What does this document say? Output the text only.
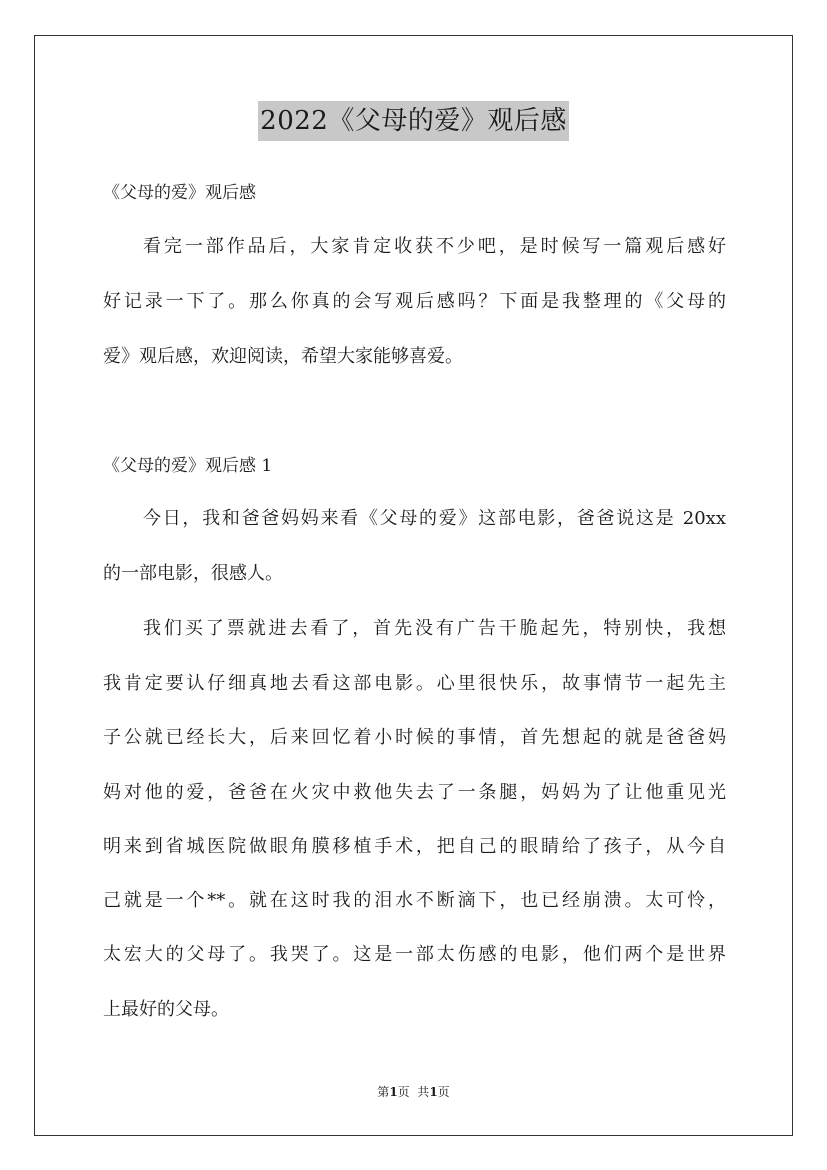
2022《父母的爱》观后感
《父母的爱》观后感
看完一部作品后，大家肯定收获不少吧，是时候写一篇观后感好
好记录一下了。那么你真的会写观后感吗？下面是我整理的《父母的
爱》观后感，欢迎阅读，希望大家能够喜爱。
《父母的爱》观后感 1
今日，我和爸爸妈妈来看《父母的爱》这部电影，爸爸说这是 20xx
的一部电影，很感人。
我们买了票就进去看了，首先没有广告干脆起先，特别快，我想
我肯定要认仔细真地去看这部电影。心里很快乐，故事情节一起先主
子公就已经长大，后来回忆着小时候的事情，首先想起的就是爸爸妈
妈对他的爱，爸爸在火灾中救他失去了一条腿，妈妈为了让他重见光
明来到省城医院做眼角膜移植手术，把自己的眼睛给了孩子，从今自
己就是一个**。就在这时我的泪水不断滴下，也已经崩溃。太可怜，
太宏大的父母了。我哭了。这是一部太伤感的电影，他们两个是世界
上最好的父母。
第1页  共1页
